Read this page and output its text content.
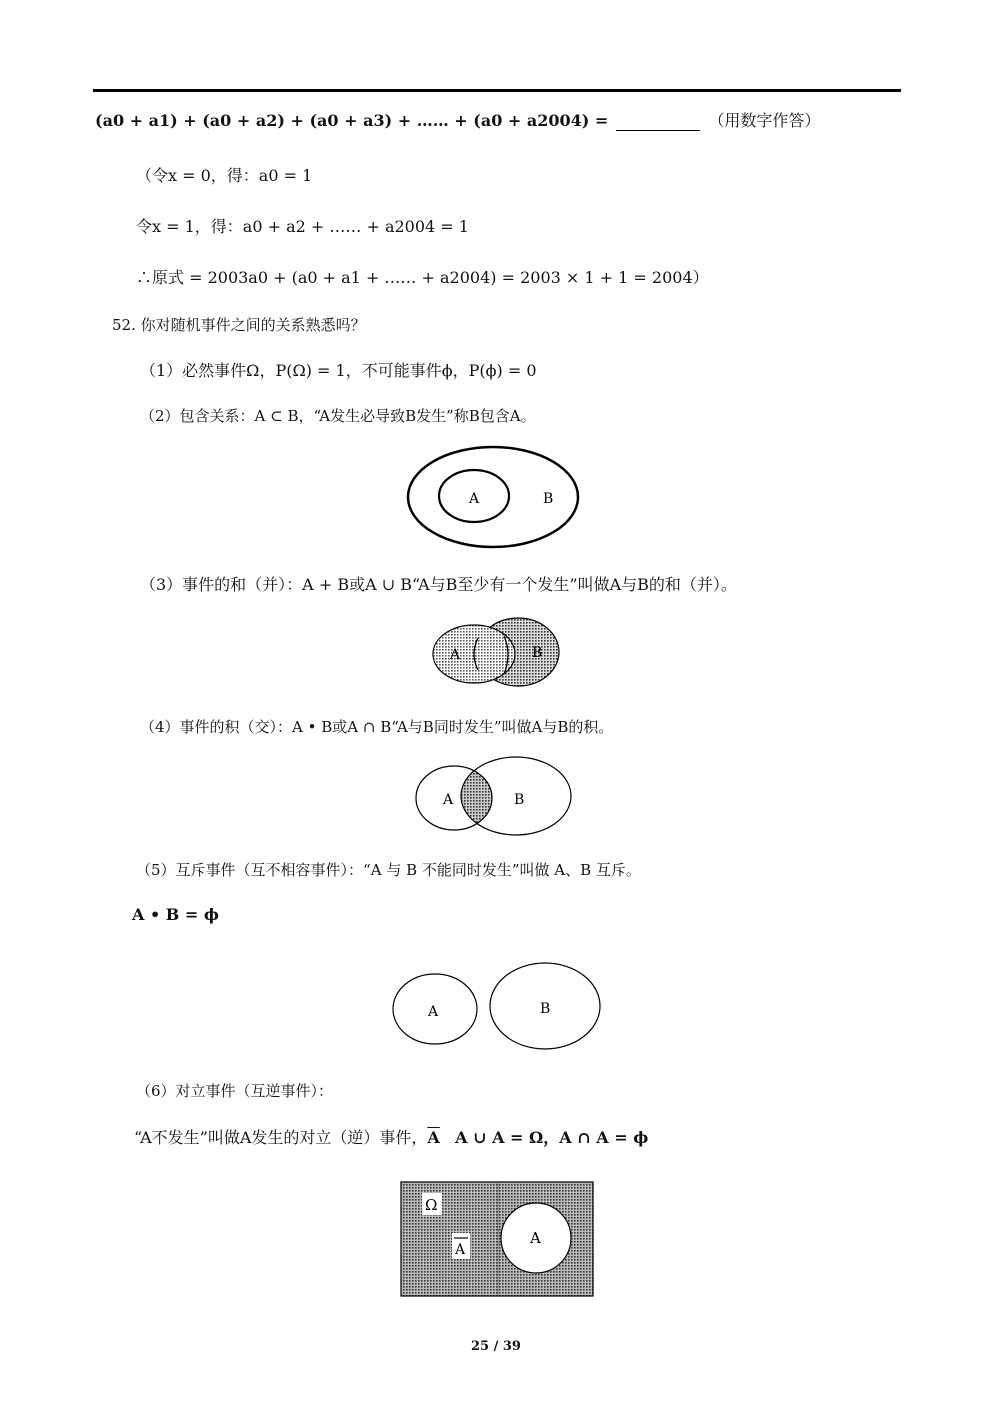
(a0 + a1) + (a0 + a2) + (a0 + a3) + …… + (a0 + a2004) =	（用数字作答）
（令x = 0，得：a0 = 1
令x = 1，得：a0 + a2 + …… + a2004 = 1
∴原式 = 2003a0 + (a0 + a1 + …… + a2004) = 2003 × 1 + 1 = 2004）
52. 你对随机事件之间的关系熟悉吗？
（1）必然事件Ω，P(Ω) = 1，不可能事件ϕ，P(ϕ) = 0
（2）包含关系：A ⊂ B，“A发生必导致B发生”称B包含A。
A	B
（3）事件的和（并）：A + B或A ∪ B“A与B至少有一个发生”叫做A与B的和（并）。
A	B
（4）事件的积（交）：A • B或A ∩ B“A与B同时发生”叫做A与B的积。
A	B
（5）互斥事件（互不相容事件）：“A 与 B 不能同时发生”叫做 A、B 互斥。
A • B = ϕ
A	B
（6）对立事件（互逆事件）：
“A不发生”叫做A发生的对立（逆）事件，$\overline{A}$ A ∪ A = Ω，A ∩ A = ϕ
Ω
A
A
25 / 39
